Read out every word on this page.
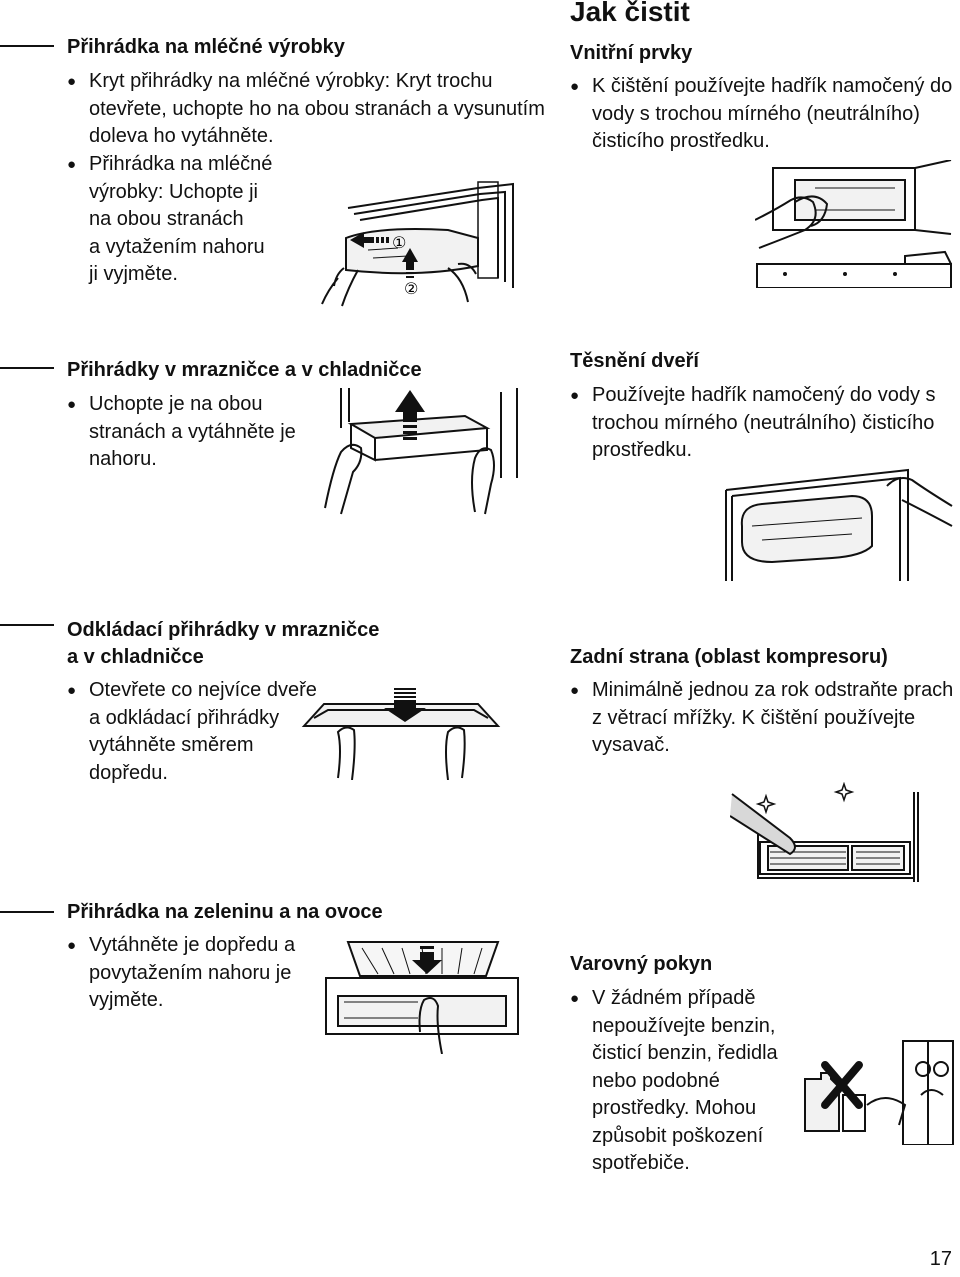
Jak čistit
Přihrádka na mléčné výrobky
● Kryt přihrádky na mléčné výrobky: Kryt trochu otevřete, uchopte ho na obou stranách a vysunutím doleva ho vytáhněte.
● Přihrádka na mléčné
výrobky: Uchopte ji
na obou stranách
a vytažením nahoru
ji vyjměte.
①
②
Vnitřní prvky
● K čištění používejte hadřík namočený do vody s trochou mírného (neutrálního) čisticího prostředku.
Přihrádky v mrazničce a v chladničce
● Uchopte je na obou stranách a vytáhněte je nahoru.
Těsnění dveří
● Používejte hadřík namočený do vody s trochou mírného (neutrálního) čisticího prostředku.
Odkládací přihrádky v mrazničce
a v chladničce
● Otevřete co nejvíce dveře a odkládací přihrádky vytáhněte směrem dopředu.
Zadní strana (oblast kompresoru)
● Minimálně jednou za rok odstraňte prach z větrací mřížky. K čištění používejte vysavač.
Přihrádka na zeleninu a na ovoce
● Vytáhněte je dopředu a povytažením nahoru je vyjměte.
Varovný pokyn
● V žádném případě nepoužívejte benzin, čisticí benzin, ředidla nebo podobné prostředky. Mohou způsobit poškození spotřebiče.
17
